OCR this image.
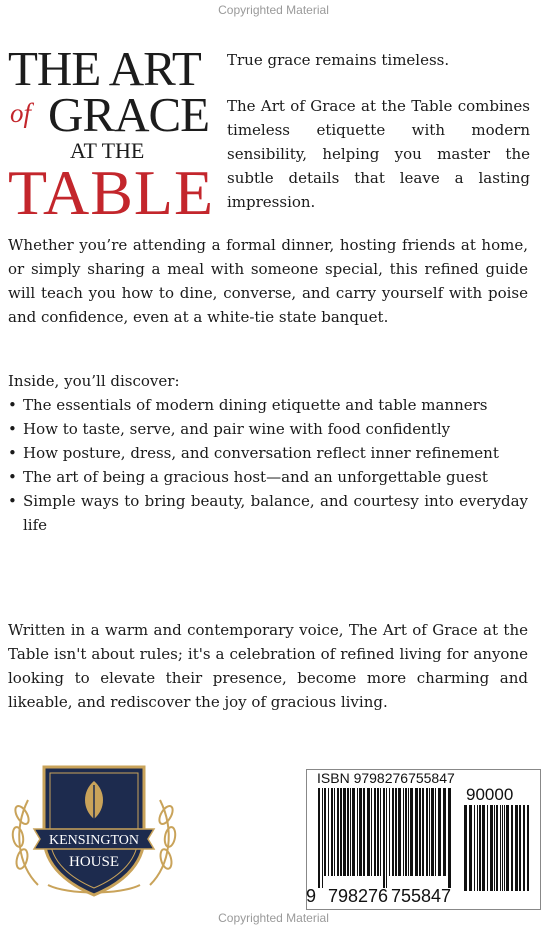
Copyrighted Material
THE ART
of GRACE
AT THE
TABLE

True grace remains timeless.

The Art of Grace at the Table combines timeless etiquette with modern sensibility, helping you master the subtle details that leave a lasting impression.

Whether you’re attending a formal dinner, hosting friends at home, or simply sharing a meal with someone special, this refined guide will teach you how to dine, converse, and carry yourself with poise and confidence, even at a white-tie state banquet.

Inside, you’ll discover:

• The essentials of modern dining etiquette and table manners
• How to taste, serve, and pair wine with food confidently
• How posture, dress, and conversation reflect inner refinement
• The art of being a gracious host—and an unforgettable guest
• Simple ways to bring beauty, balance, and courtesy into everyday life

Written in a warm and contemporary voice, The Art of Grace at the Table isn't about rules; it's a celebration of refined living for anyone looking to elevate their presence, become more charming and likeable, and rediscover the joy of gracious living.

KENSINGTON
HOUSE
ISBN 9798276755847
90000
9 798276 755847
Copyrighted Material
